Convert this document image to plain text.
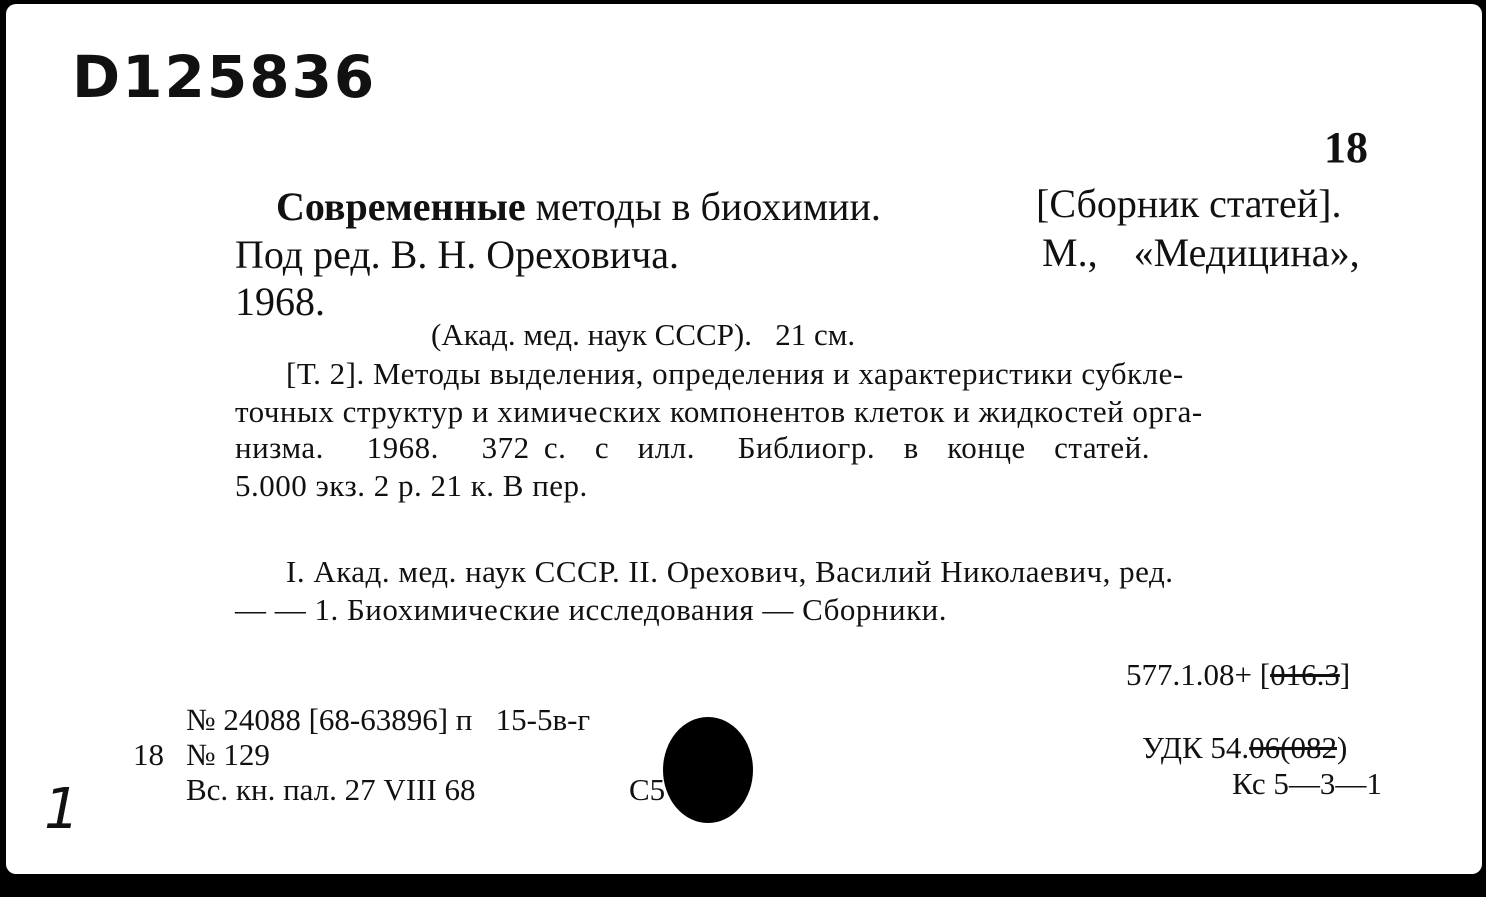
D125836
18
Современные методы в биохимии.	[Сборник статей].
Под ред. В. Н. Ореховича.	М., «Медицина»,
1968.
(Акад. мед. наук СССР).   21 см.
[Т. 2]. Методы выделения, определения и характеристики субкле-
точных структур и химических компонентов клеток и жидкостей орга-
низма.   1968.   372 с.  с  илл.   Библиогр.  в  конце  статей.
5.000 экз. 2 р. 21 к. В пер.
I. Акад. мед. наук СССР. II. Орехович, Василий Николаевич, ред.
— — 1. Биохимические исследования — Сборники.
577.1.08+ [016.3]
№ 24088 [68-63896] п   15-5в-г
18 № 129
Вс. кн. пал. 27 VIII 68	С5
УДК 54.06(082)
Кс 5—3—1
1
